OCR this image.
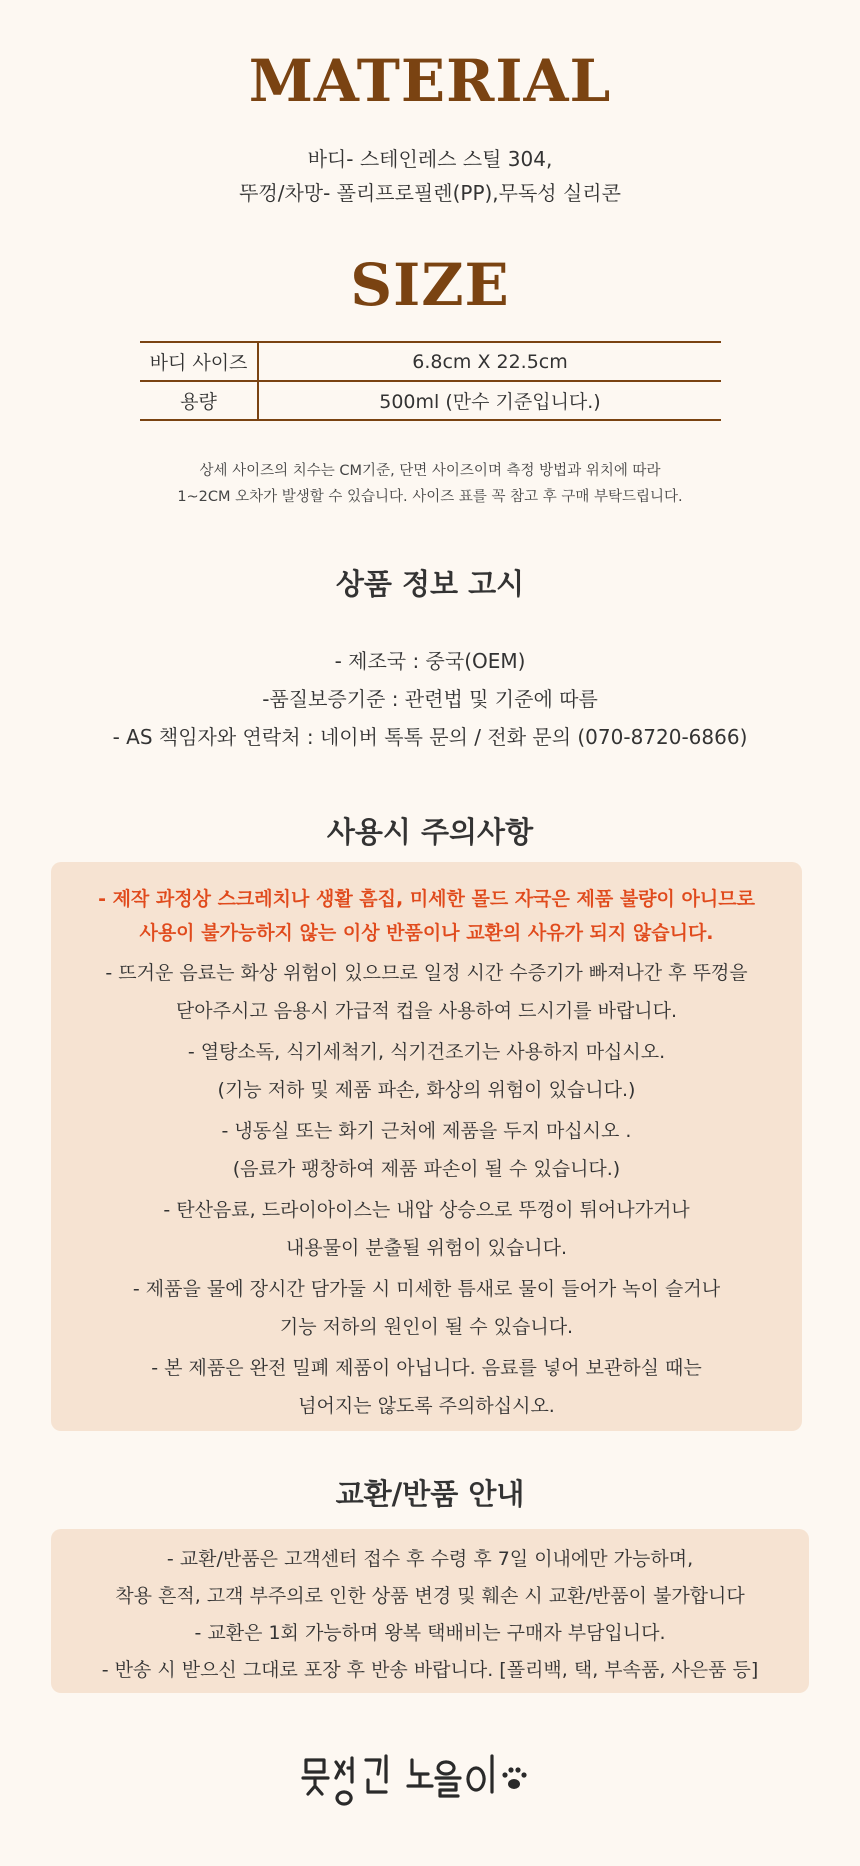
MATERIAL
바디- 스테인레스 스틸 304,
뚜껑/차망- 폴리프로필렌(PP),무독성 실리콘
SIZE
바디 사이즈	6.8cm X 22.5cm
용량	500ml (만수 기준입니다.)
상세 사이즈의 치수는 CM기준, 단면 사이즈이며 측정 방법과 위치에 따라
1~2CM 오차가 발생할 수 있습니다. 사이즈 표를 꼭 참고 후 구매 부탁드립니다.
상품 정보 고시
- 제조국 : 중국(OEM)
-품질보증기준 : 관련법 및 기준에 따름
- AS 책임자와 연락처 : 네이버 톡톡 문의 / 전화 문의 (070-8720-6866)
사용시 주의사항
- 제작 과정상 스크레치나 생활 흠집, 미세한 몰드 자국은 제품 불량이 아니므로
사용이 불가능하지 않는 이상 반품이나 교환의 사유가 되지 않습니다.
- 뜨거운 음료는 화상 위험이 있으므로 일정 시간 수증기가 빠져나간 후 뚜껑을
닫아주시고 음용시 가급적 컵을 사용하여 드시기를 바랍니다.
- 열탕소독, 식기세척기, 식기건조기는 사용하지 마십시오.
(기능 저하 및 제품 파손, 화상의 위험이 있습니다.)
- 냉동실 또는 화기 근처에 제품을 두지 마십시오 .
(음료가 팽창하여 제품 파손이 될 수 있습니다.)
- 탄산음료, 드라이아이스는 내압 상승으로 뚜껑이 튀어나가거나
내용물이 분출될 위험이 있습니다.
- 제품을 물에 장시간 담가둘 시 미세한 틈새로 물이 들어가 녹이 슬거나
기능 저하의 원인이 될 수 있습니다.
- 본 제품은 완전 밀폐 제품이 아닙니다. 음료를 넣어 보관하실 때는
넘어지는 않도록 주의하십시오.
교환/반품 안내
- 교환/반품은 고객센터 접수 후 수령 후 7일 이내에만 가능하며,
착용 흔적, 고객 부주의로 인한 상품 변경 및 훼손 시 교환/반품이 불가합니다
- 교환은 1회 가능하며 왕복 택배비는 구매자 부담입니다.
- 반송 시 받으신 그대로 포장 후 반송 바랍니다. [폴리백, 택, 부속품, 사은품 등]
